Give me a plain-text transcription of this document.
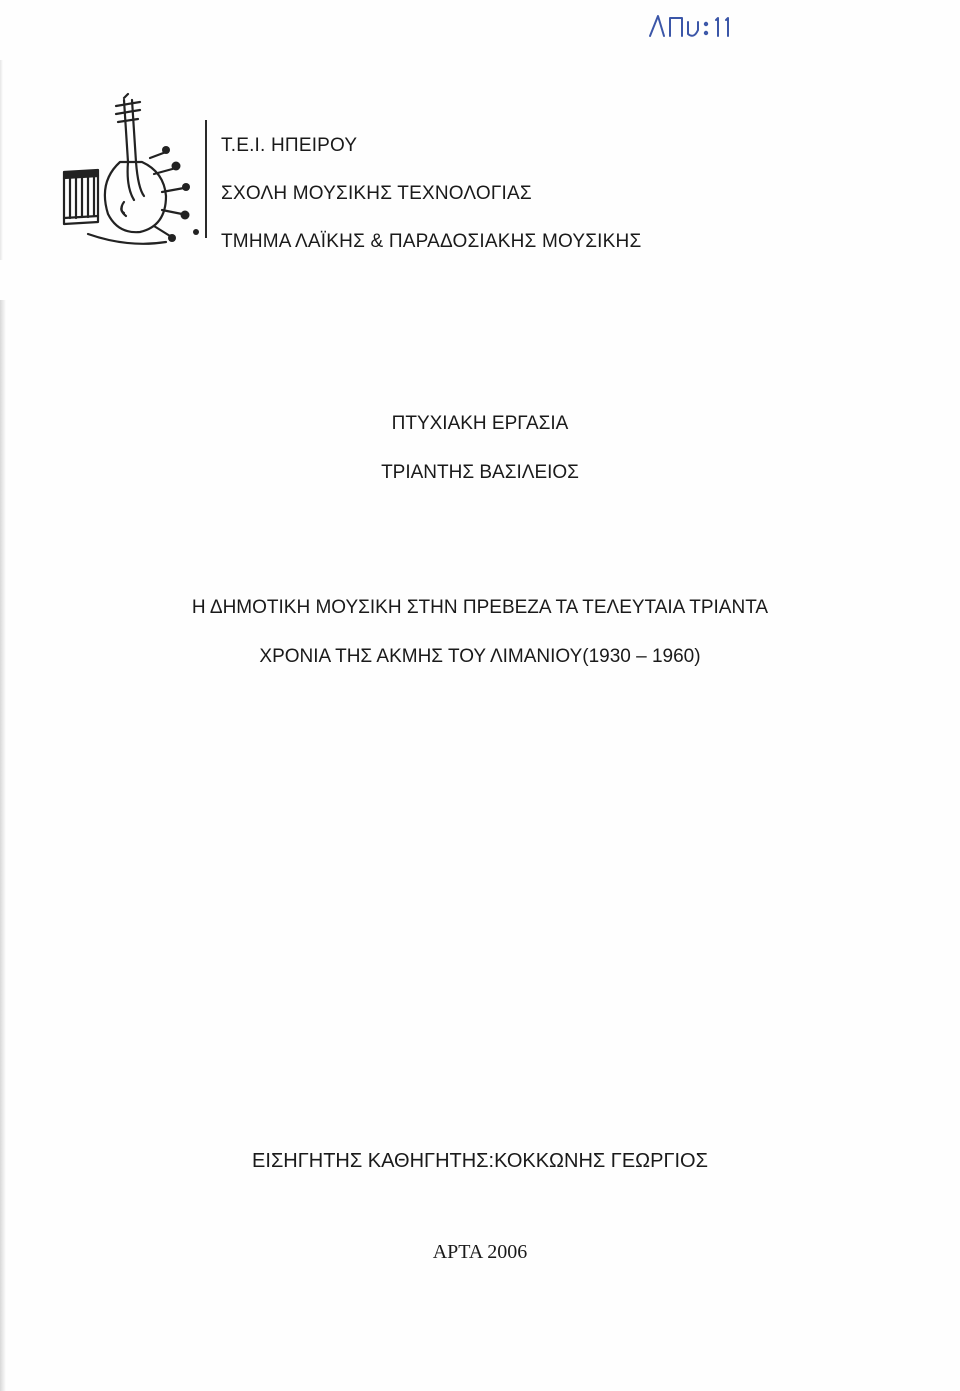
Τ.Ε.Ι. ΗΠΕΙΡΟΥ
ΣΧΟΛΗ ΜΟΥΣΙΚΗΣ ΤΕΧΝΟΛΟΓΙΑΣ
ΤΜΗΜΑ ΛΑΪΚΗΣ & ΠΑΡΑΔΟΣΙΑΚΗΣ ΜΟΥΣΙΚΗΣ
ΠΤΥΧΙΑΚΗ ΕΡΓΑΣΙΑ
ΤΡΙΑΝΤΗΣ ΒΑΣΙΛΕΙΟΣ
Η ΔΗΜΟΤΙΚΗ ΜΟΥΣΙΚΗ ΣΤΗΝ ΠΡΕΒΕΖΑ ΤΑ ΤΕΛΕΥΤΑΙΑ ΤΡΙΑΝΤΑ
ΧΡΟΝΙΑ ΤΗΣ ΑΚΜΗΣ ΤΟΥ ΛΙΜΑΝΙΟΥ(1930 – 1960)
ΕΙΣΗΓΗΤΗΣ ΚΑΘΗΓΗΤΗΣ:ΚΟΚΚΩΝΗΣ ΓΕΩΡΓΙΟΣ
ΑΡΤΑ 2006
